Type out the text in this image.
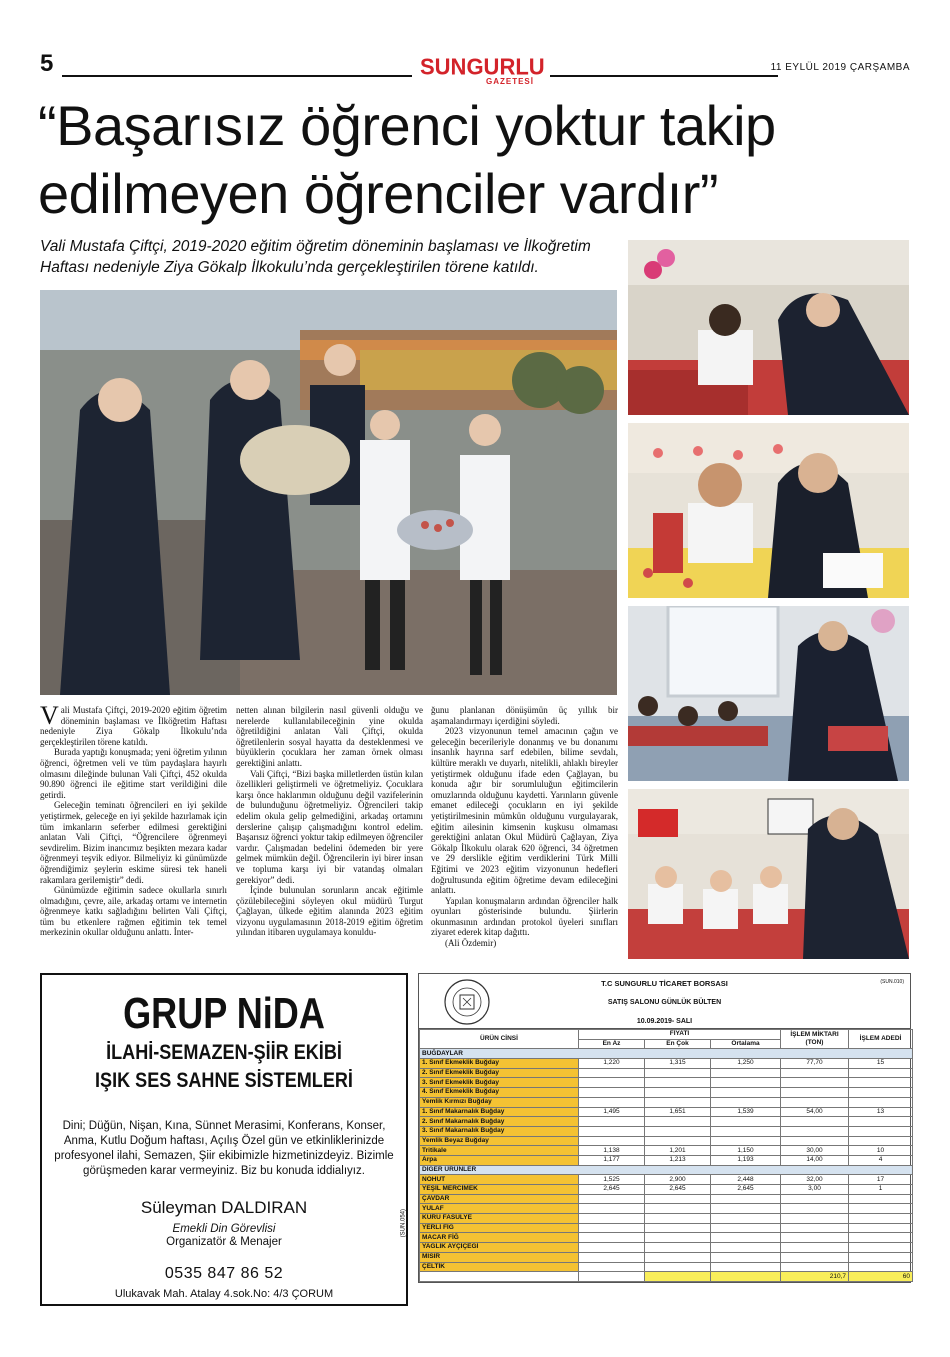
5	SUNGURLU
GAZETESİ
11 EYLÜL 2019 ÇARŞAMBA
“Başarısız öğrenci yoktur takip
edilmeyen öğrenciler vardır”
Vali Mustafa Çiftçi, 2019-2020 eğitim öğretim döneminin başlaması ve İlkoğretim Haftası nedeniyle Ziya Gökalp İlkokulu’nda gerçekleştirilen törene katıldı.

Vali Mustafa Çiftçi, 2019-2020 eğitim öğretim döneminin başlaması ve İlköğretim Haftası nedeniyle Ziya Gökalp İlkokulu’nda gerçekleştirilen törene katıldı.

Burada yaptığı konuşmada; yeni öğretim yılının öğrenci, öğretmen veli ve tüm paydaşlara hayırlı olmasını dileğinde bulunan Vali Çiftçi, 452 okulda 90.890 öğrenci ile eğitime start verildiğini dile getirdi.

Geleceğin teminatı öğrencileri en iyi şekilde yetiştirmek, geleceğe en iyi şekilde hazırlamak için tüm imkanların seferber edilmesi gerektiğini anlatan Vali Çiftçi, “Öğrencilere öğrenmeyi sevdirelim. Bizim inancımız beşikten mezara kadar öğrenmeyi teşvik ediyor. Bilmeliyiz ki günümüzde öğrendiğimiz şeylerin eskime süresi tek haneli rakamlara gerilemiştir” dedi.

Günümüzde eğitimin sadece okullarla sınırlı olmadığını, çevre, aile, arkadaş ortamı ve internetin öğrenmeye katkı sağladığını belirten Vali Çiftçi, tüm bu etkenlere rağmen eğitimin tek temel merkezinin okullar olduğunu anlattı. İnter-

netten alınan bilgilerin nasıl güvenli olduğu ve nerelerde kullanılabileceğinin yine okulda öğretildiğini anlatan Vali Çiftçi, okulda öğretilenlerin sosyal hayatta da desteklenmesi ve büyüklerin çocuklara her zaman örnek olması gerektiğini anlattı.

Vali Çiftçi, “Bizi başka milletlerden üstün kılan özellikleri geliştirmeli ve öğretmeliyiz. Çocuklara karşı önce haklarımın olduğunu değil vazifelerinin de bulunduğunu öğretmeliyiz. Öğrencileri takip edelim okula gelip gelmediğini, arkadaş ortamını derslerine çalışıp çalışmadığını kontrol edelim. Başarısız öğrenci yoktur takip edilmeyen öğrenciler vardır. Çalışmadan bedelini ödemeden bir yere gelmek mümkün değil. Öğrencilerin iyi birer insan ve topluma karşı iyi bir vatandaş olmaları gerekiyor” dedi.

İçinde bulunulan sorunların ancak eğitimle çözülebileceğini söyleyen okul müdürü Turgut Çağlayan, ülkede eğitim alanında 2023 eğitim vizyonu uygulamasının 2018-2019 eğitim öğretim yılından itibaren uygulamaya konuldu-

ğunu planlanan dönüşümün üç yıllık bir aşamalandırmayı içerdiğini söyledi.

2023 vizyonunun temel amacının çağın ve geleceğin becerileriyle donanmış ve bu donanımı insanlık hayrına sarf edebilen, bilime sevdalı, kültüre meraklı ve duyarlı, nitelikli, ahlaklı bireyler yetiştirmek olduğunu ifade eden Çağlayan, bu konuda ağır bir sorumluluğun eğitimcilerin omuzlarında olduğunu kaydetti. Yarınların güvenle emanet edileceği çocukların en iyi şekilde yetiştirilmesinin mümkün olduğunu vurgulayarak, eğitim ailesinin kimsenin kuşkusu olmaması gerektiğini anlatan Okul Müdürü Çağlayan, Ziya Gökalp İlkokulu olarak 620 öğrenci, 34 öğretmen ve 29 derslikle eğitim verdiklerini Türk Milli Eğitimi ve 2023 eğitim vizyonunun hedefleri doğrultusunda eğitim öğretime devam edileceğini anlattı.

Yapılan konuşmaların ardından öğrenciler halk oyunları gösterisinde bulundu. Şiirlerin okunmasının ardından protokol üyeleri sınıfları ziyaret ederek kitap dağıttı.

(Ali Özdemir)

GRUP NiDA
İLAHİ-SEMAZEN-ŞİİR EKİBİ
IŞIK SES SAHNE SİSTEMLERİ
Dini; Düğün, Nişan, Kına, Sünnet Merasimi, Konferans, Konser, Anma, Kutlu Doğum haftası, Açılış Özel gün ve etkinliklerinizde profesyonel ilahi, Semazen, Şiir ekibimizle hizmetinizdeyiz. Bizimle görüşmeden karar vermeyiniz. Biz bu konuda iddialıyız.
Süleyman DALDIRAN
Emekli Din Görevlisi
Organizatör & Menajer
0535 847 86 52
Ulukavak Mah. Atalay 4.sok.No: 4/3 ÇORUM
(SUN.054)
T.C SUNGURLU TİCARET BORSASI
SATIŞ SALONU GÜNLÜK BÜLTEN
10.09.2019- SALI
(SUN.010)
ÜRÜN CİNSİ	FİYATI			İŞLEM MİKTARI (TON)	İŞLEM ADEDİ
	En Az	En Çok	Ortalama		
BUĞDAYLAR					
1. Sınıf Ekmeklik Buğday	1,220	1,315	1,250	77,70	15
2. Sınıf Ekmeklik Buğday					
3. Sınıf Ekmeklik Buğday					
4. Sınıf Ekmeklik Buğday					
Yemlik Kırmızı Buğday					
1. Sınıf Makarnalık Buğday	1,495	1,651	1,539	54,00	13
2. Sınıf Makarnalık Buğday					
3. Sınıf Makarnalık Buğday					
Yemlik Beyaz Buğday					
Tritikale	1,138	1,201	1,150	30,00	10
Arpa	1,177	1,213	1,193	14,00	4
DİĞER ÜRÜNLER					
NOHUT	1,525	2,900	2,448	32,00	17
YEŞİL MERCİMEK	2,645	2,645	2,645	3,00	1
ÇAVDAR					
YULAF					
KURU FASULYE					
YERLİ FİĞ					
MACAR FİĞ					
YAĞLIK AYÇİÇEĞİ					
MISIR					
ÇELTİK					
				210,7	60
